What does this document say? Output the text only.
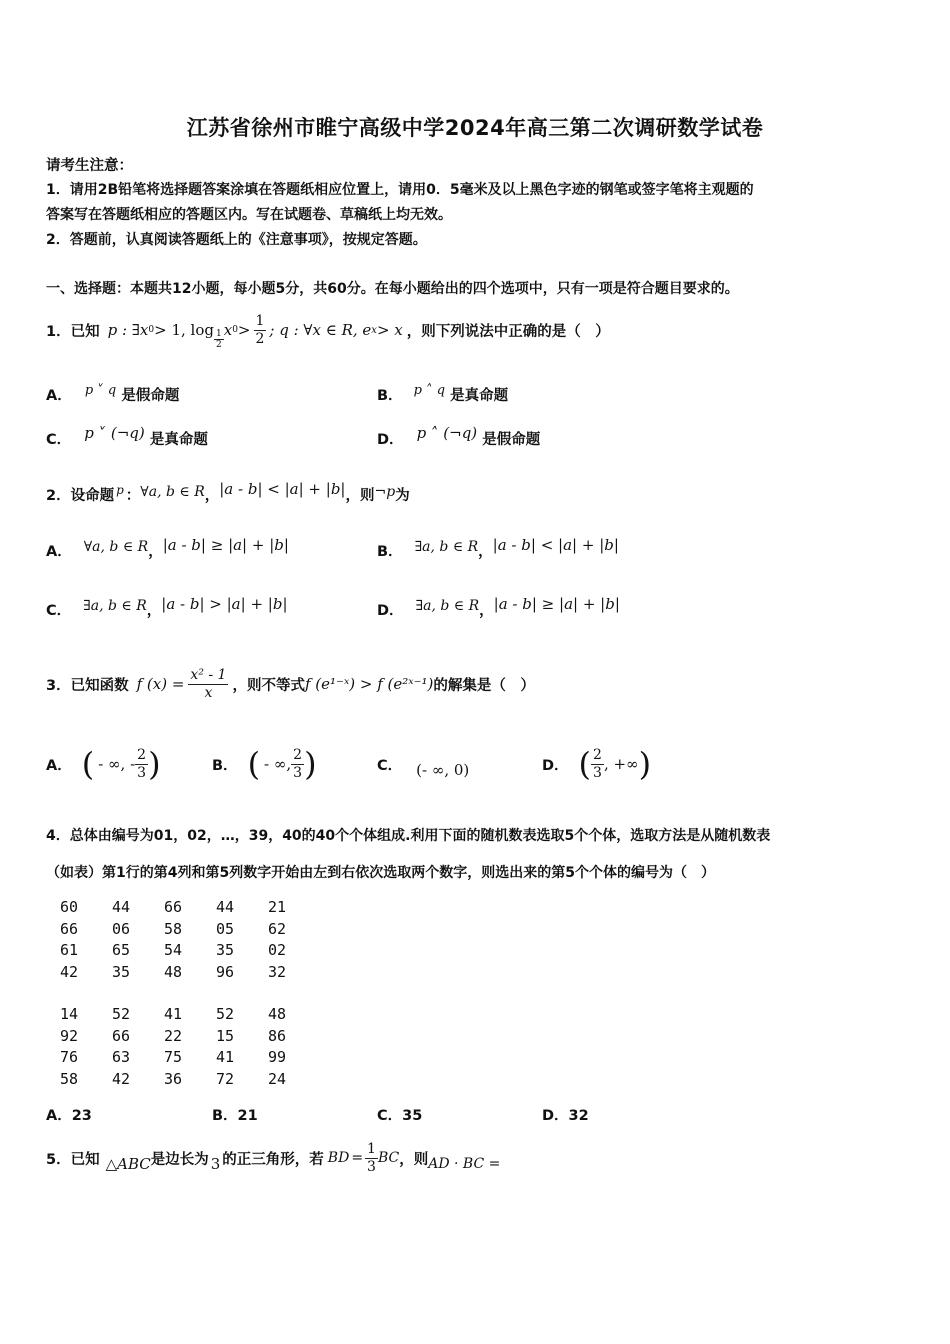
江苏省徐州市睢宁高级中学2024年高三第二次调研数学试卷
请考生注意：
1．请用2B铅笔将选择题答案涂填在答题纸相应位置上，请用0．5毫米及以上黑色字迹的钢笔或签字笔将主观题的
答案写在答题纸相应的答题区内。写在试题卷、草稿纸上均无效。
2．答题前，认真阅读答题纸上的《注意事项》，按规定答题。
一、选择题：本题共12小题，每小题5分，共60分。在每小题给出的四个选项中，只有一项是符合题目要求的。
1．已知 p : ∃x 0 > 1, $\log \frac{1}{2}$ x $0 > \frac{1}{2}$ ; q : ∀x ∈ R, e x > x ，则下列说法中正确的是（　）
A． $^{p ˅ q}$ 是假命题	B． $^{p ˄ q}$ 是真命题
C． p ˅ (¬q) 是真命题	D． p ˄ (¬q) 是假命题
2．设命题 p ： ∀a, b ∈ R ， |a - b| < |a| + |b| ，则 ¬p 为
A． ∀a, b ∈ R ， |a - b| ≥ |a| + |b|	B． ∃a, b ∈ R ， |a - b| < |a| + |b|
C． ∃a, b ∈ R ， |a - b| > |a| + |b|	D． ∃a, b ∈ R ， |a - b| ≥ |a| + |b|
3．已知函数 f $(x) = \frac{\text{x² - 1}}{x}$ ，则不等式 f (e¹⁻ˣ) > f (e²ˣ⁻¹) 的解集是（　）
A． ( - ∞, - $\frac{2}{3}$ )	B． ( - ∞, $\frac{2}{3}$ )	C． (- ∞, 0)	D． ( $\frac{2}{3}$ , +∞ )
4．总体由编号为01，02，…，39，40的40个个体组成.利用下面的随机数表选取5个个体，选取方法是从随机数表
（如表）第1行的第4列和第5列数字开始由左到右依次选取两个数字，则选出来的第5个个体的编号为（　）
60 44 66 44 21
66 06 58 05 62
61 65 54 35 02
42 35 48 96 32
14 52 41 52 48
92 66 22 15 86
76 63 75 41 99
58 42 36 72 24
A．23	B．21	C．35	D．32
5．已知 △ABC 是边长为 3 的正三角形，若 BD = $\frac{1}{3}$ BC ，则 AD · BC =
